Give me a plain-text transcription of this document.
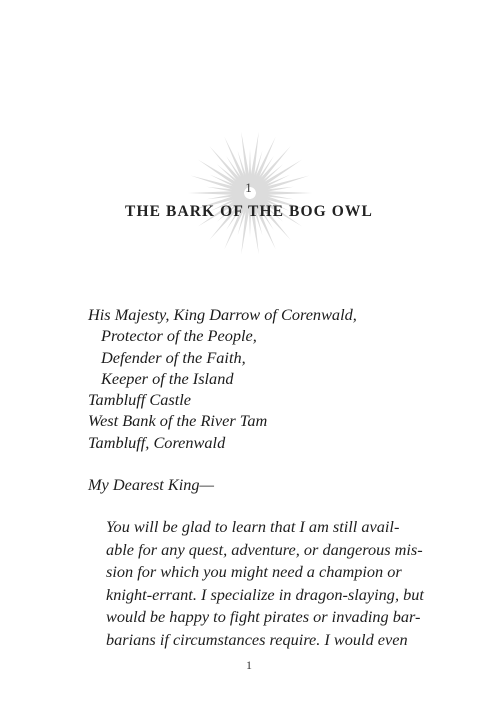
1
THE BARK OF THE BOG OWL
His Majesty, King Darrow of Corenwald,
Protector of the People,
Defender of the Faith,
Keeper of the Island
Tambluff Castle
West Bank of the River Tam
Tambluff, Corenwald
My Dearest King—
You will be glad to learn that I am still avail-
able for any quest, adventure, or dangerous mis-
sion for which you might need a champion or
knight-errant. I specialize in dragon-slaying, but
would be happy to fight pirates or invading bar-
barians if circumstances require. I would even
1
